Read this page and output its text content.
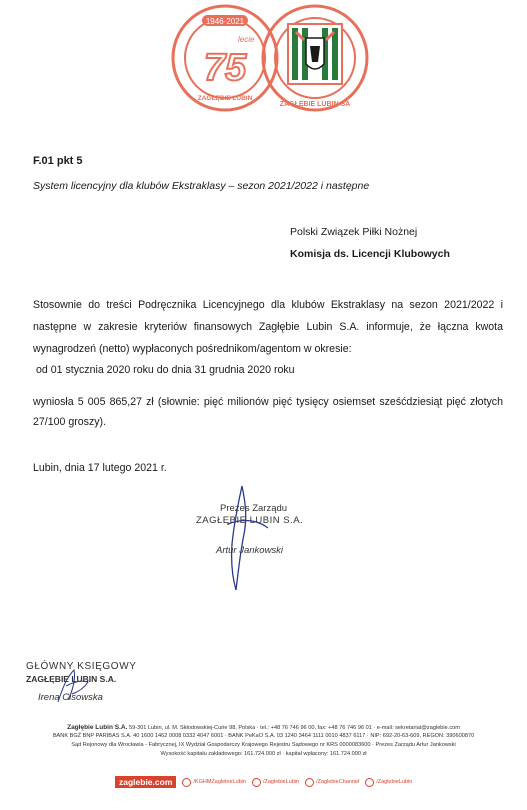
1946·2021
lecie
75
ZAGŁĘBIE LUBIN
ZAGŁĘBIE LUBIN SA
F.01 pkt 5
System licencyjny dla klubów Ekstraklasy – sezon 2021/2022 i następne
Polski Związek Piłki Nożnej
Komisja ds. Licencji Klubowych
Stosownie do treści Podręcznika Licencyjnego dla klubów Ekstraklasy na sezon 2021/2022 i następne w zakresie kryteriów finansowych Zagłębie Lubin S.A. informuje, że łączna kwota wynagrodzeń (netto) wypłaconych pośrednikom/agentom w okresie:
od 01 stycznia 2020 roku do dnia 31 grudnia 2020 roku
wyniosła 5 005 865,27 zł (słownie: pięć milionów pięć tysięcy osiemset sześćdziesiąt pięć złotych 27/100 groszy).
Lubin, dnia 17 lutego 2021 r.
Prezes Zarządu
ZAGŁĘBIE LUBIN S.A.
Artur Jankowski
GŁÓWNY KSIĘGOWY
ZAGŁĘBIE LUBIN S.A.
Irena Cisowska
Zagłębie Lubin S.A. 59-301 Lubin, ul. M. Skłodowskiej-Curie 98, Polska · tel.: +48 76 746 96 00, fax: +48 76 746 96 01 · e-mail: sekretariat@zaglebie.com
BANK BGŻ BNP PARIBAS S.A. 40 1600 1462 0008 0332 4047 6001 · BANK PeKaO S.A. 03 1240 3464 1111 0010 4837 6117 · NIP: 692-20-63-609, REGON: 390600870
Sąd Rejonowy dla Wrocławia - Fabrycznej, IX Wydział Gospodarczy Krajowego Rejestru Sądowego nr KRS 0000083600 · Prezes Zarządu Artur Jankowski
Wysokość kapitału zakładowego: 161.724.000 zł · kapitał wpłacony: 161.724.000 zł
zaglebie.com	/KGHMZaglebieLubin	/ZaglebieLubin	/ZaglebieChannel	/ZaglebieLubin
